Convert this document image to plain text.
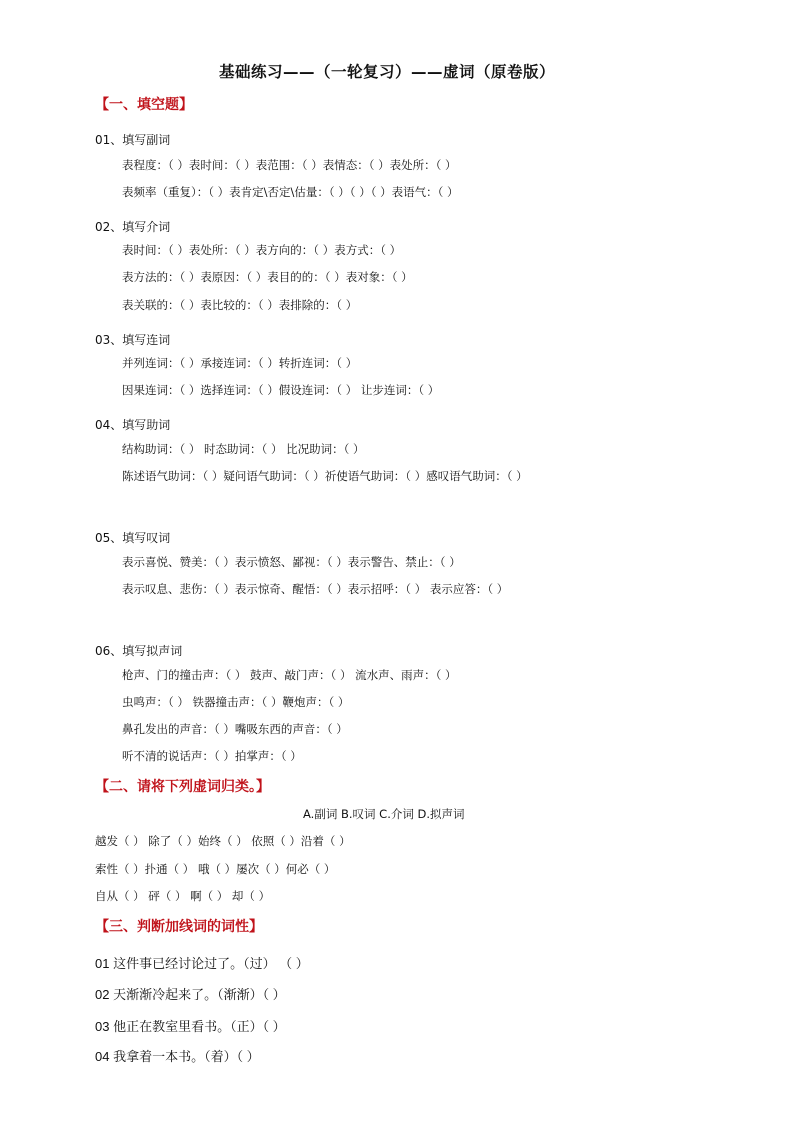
基础练习——（一轮复习）——虚词（原卷版）
【一、填空题】
01、填写副词
表程度：（ ）表时间：（ ）表范围：（ ）表情态：（ ）表处所：（ ）
表频率（重复）：（ ）表肯定\否定\估量：（ ）（ ）（ ）表语气：（ ）
02、填写介词
表时间：（ ）表处所：（ ）表方向的：（ ）表方式：（ ）
表方法的：（ ）表原因：（ ）表目的的：（ ）表对象：（ ）
表关联的：（ ）表比较的：（ ）表排除的：（ ）
03、填写连词
并列连词：（ ）承接连词：（ ）转折连词：（ ）
因果连词：（ ）选择连词：（ ）假设连词：（ ） 让步连词：（ ）
04、填写助词
结构助词：（ ） 时态助词：（ ） 比况助词：（ ）
陈述语气助词：（ ）疑问语气助词：（ ）祈使语气助词：（ ）感叹语气助词：（ ）
05、填写叹词
表示喜悦、赞美：（ ）表示愤怒、鄙视：（ ）表示警告、禁止：（ ）
表示叹息、悲伤：（ ）表示惊奇、醒悟：（ ）表示招呼：（ ） 表示应答：（ ）
06、填写拟声词
枪声、门的撞击声：（ ） 鼓声、敲门声：（ ） 流水声、雨声：（ ）
虫鸣声：（ ） 铁器撞击声：（ ）鞭炮声：（ ）
鼻孔发出的声音：（ ）嘴吸东西的声音：（ ）
听不清的说话声：（ ）拍掌声：（ ）
【二、请将下列虚词归类。】
A.副词 B.叹词 C.介词 D.拟声词
越发（ ） 除了（ ）始终（ ） 依照（ ）沿着（ ）
索性（ ）扑通（ ） 哦（ ）屡次（ ）何必（ ）
自从（ ） 砰（ ） 啊（ ） 却（ ）
【三、判断加线词的词性】
01 这件事已经讨论过了。（过） （ ）
02 天渐渐冷起来了。（渐渐）（ ）
03 他正在教室里看书。（正）（ ）
04 我拿着一本书。（着）（ ）
